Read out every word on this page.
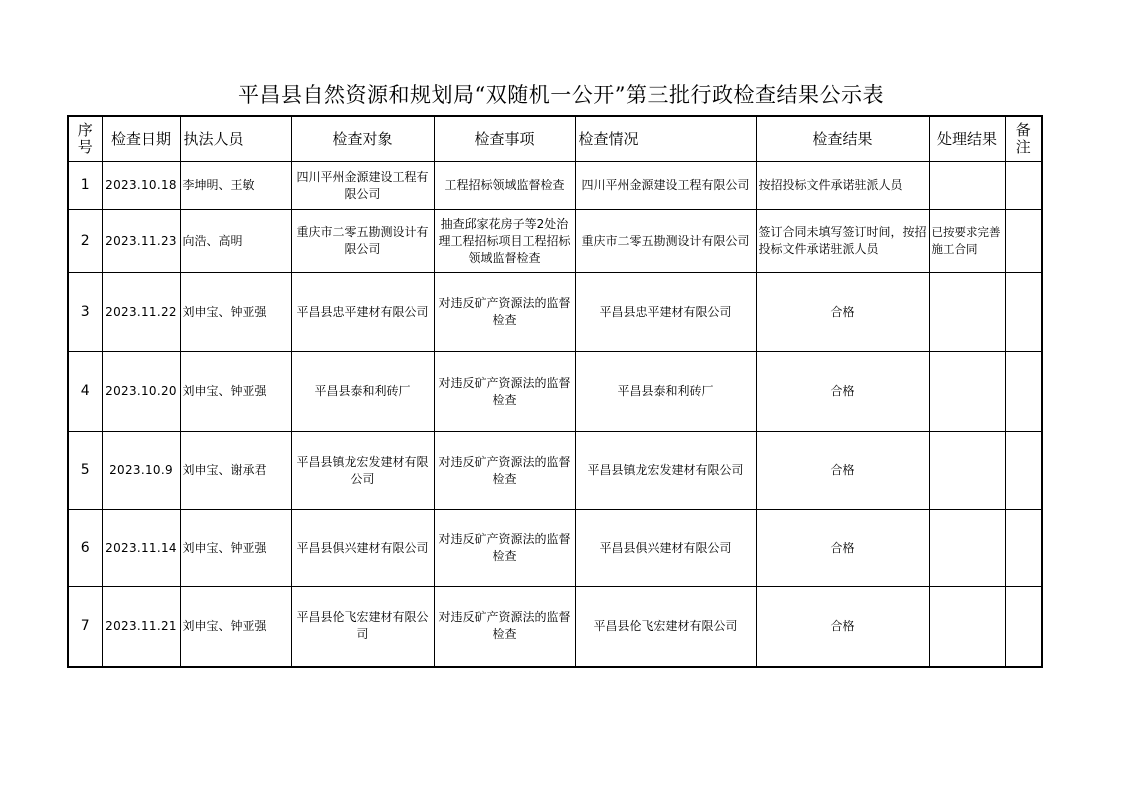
平昌县自然资源和规划局“双随机一公开”第三批行政检查结果公示表
序号	检查日期	执法人员	检查对象	检查事项	检查情况	检查结果	处理结果	备注
1	2023.10.18	李坤明、王敏	四川平州金源建设工程有限公司	工程招标领域监督检查	四川平州金源建设工程有限公司	按招投标文件承诺驻派人员		
2	2023.11.23	向浩、高明	重庆市二零五勘测设计有限公司	抽查邱家花房子等2处治理工程招标项目工程招标领域监督检查	重庆市二零五勘测设计有限公司	签订合同未填写签订时间，按招投标文件承诺驻派人员	已按要求完善施工合同	
3	2023.11.22	刘申宝、钟亚强	平昌县忠平建材有限公司	对违反矿产资源法的监督检查	平昌县忠平建材有限公司	合格		
4	2023.10.20	刘申宝、钟亚强	平昌县泰和利砖厂	对违反矿产资源法的监督检查	平昌县泰和利砖厂	合格		
5	2023.10.9	刘申宝、谢承君	平昌县镇龙宏发建材有限公司	对违反矿产资源法的监督检查	平昌县镇龙宏发建材有限公司	合格		
6	2023.11.14	刘申宝、钟亚强	平昌县俱兴建材有限公司	对违反矿产资源法的监督检查	平昌县俱兴建材有限公司	合格		
7	2023.11.21	刘申宝、钟亚强	平昌县伦飞宏建材有限公司	对违反矿产资源法的监督检查	平昌县伦飞宏建材有限公司	合格		
